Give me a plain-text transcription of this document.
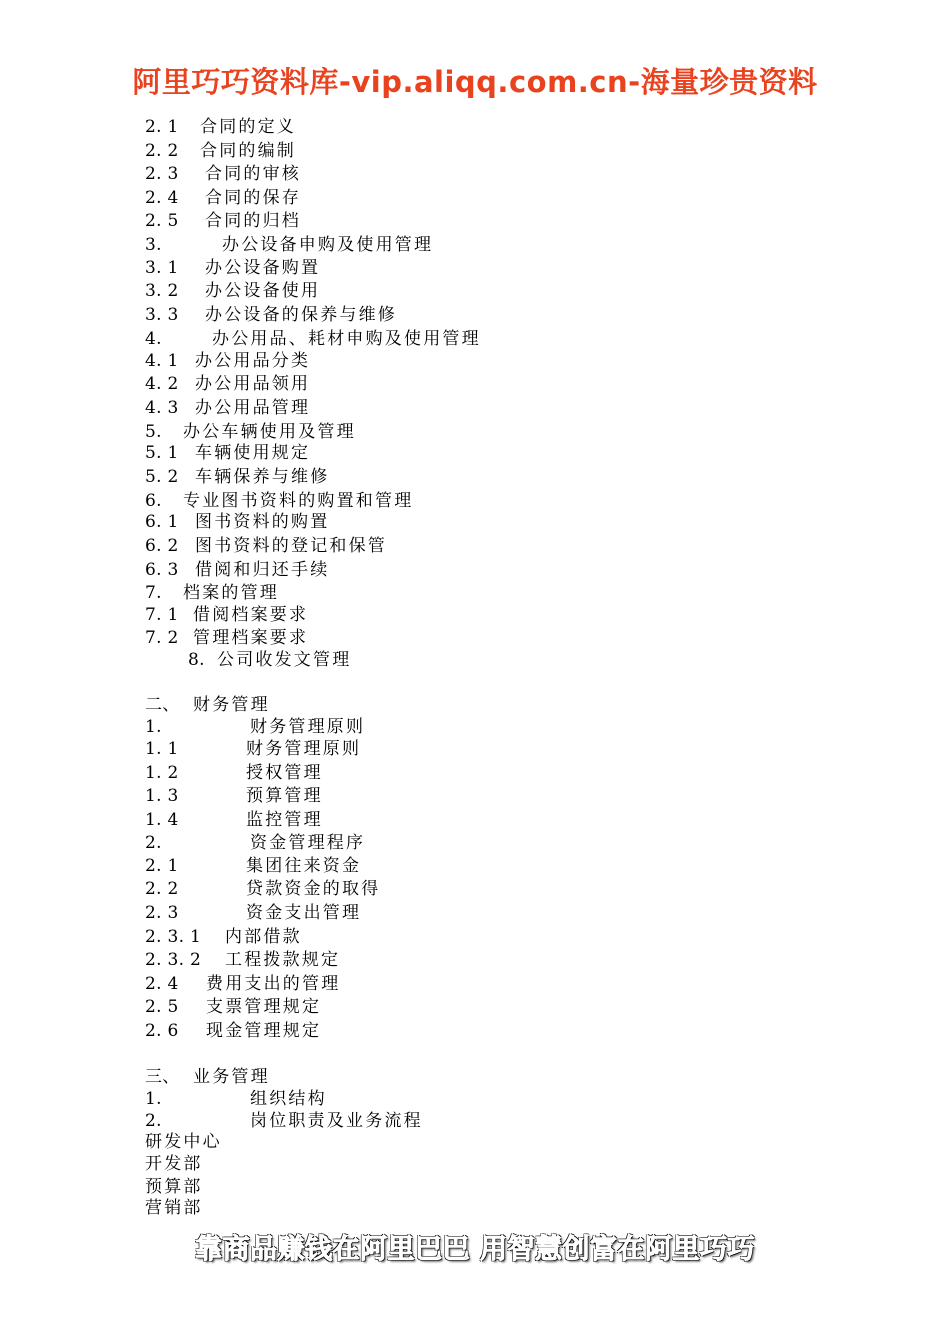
阿里巧巧资料库-vip.aliqq.com.cn-海量珍贵资料
2. 1 合同的定义
2. 2 合同的编制
2. 3 合同的审核
2. 4 合同的保存
2. 5 合同的归档
3.	办公设备申购及使用管理
3. 1 办公设备购置
3. 2 办公设备使用
3. 3 办公设备的保养与维修
4.	办公用品、耗材申购及使用管理
4. 1 办公用品分类
4. 2 办公用品领用
4. 3 办公用品管理
5. 办公车辆使用及管理
5. 1 车辆使用规定
5. 2 车辆保养与维修
6. 专业图书资料的购置和管理
6. 1 图书资料的购置
6. 2 图书资料的登记和保管
6. 3 借阅和归还手续
7. 档案的管理
7. 1 借阅档案要求
7. 2 管理档案要求
8. 公司收发文管理
二、 财务管理
1.	财务管理原则
1. 1	财务管理原则
1. 2	授权管理
1. 3	预算管理
1. 4	监控管理
2.	资金管理程序
2. 1	集团往来资金
2. 2	贷款资金的取得
2. 3	资金支出管理
2. 3. 1 内部借款
2. 3. 2 工程拨款规定
2. 4 费用支出的管理
2. 5 支票管理规定
2. 6 现金管理规定
三、 业务管理
1.	组织结构
2.	岗位职责及业务流程
研发中心
开发部
预算部
营销部
靠商品赚钱在阿里巴巴 用智慧创富在阿里巧巧
